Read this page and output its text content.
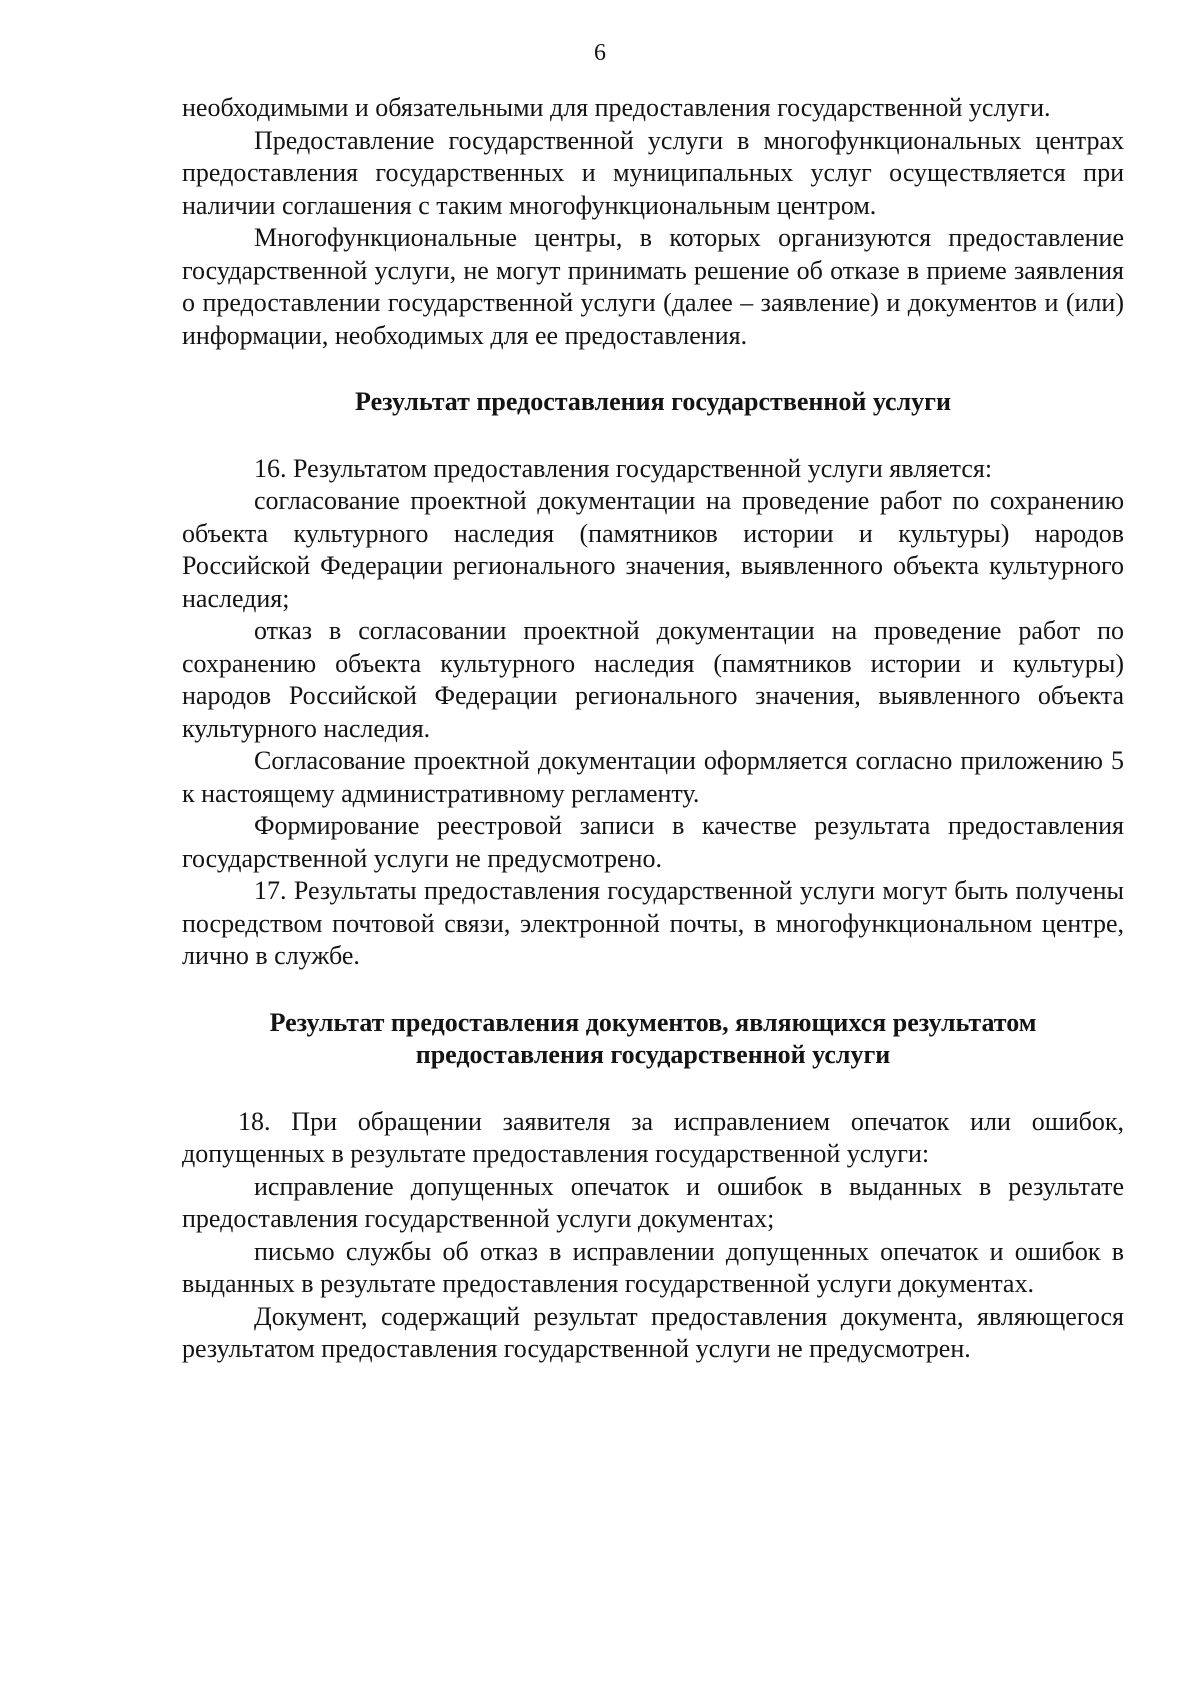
6

необходимыми и обязательными для предоставления государственной услуги.

Предоставление государственной услуги в многофункциональных центрах предоставления государственных и муниципальных услуг осуществляется при наличии соглашения с таким многофункциональным центром.

Многофункциональные центры, в которых организуются предоставление государственной услуги, не могут принимать решение об отказе в приеме заявления о предоставлении государственной услуги (далее – заявление) и документов и (или) информации, необходимых для ее предоставления.

Результат предоставления государственной услуги

16. Результатом предоставления государственной услуги является:

согласование проектной документации на проведение работ по сохранению объекта культурного наследия (памятников истории и культуры) народов Российской Федерации регионального значения, выявленного объекта культурного наследия;

отказ в согласовании проектной документации на проведение работ по сохранению объекта культурного наследия (памятников истории и культуры) народов Российской Федерации регионального значения, выявленного объекта культурного наследия.

Согласование проектной документации оформляется согласно приложению 5 к настоящему административному регламенту.

Формирование реестровой записи в качестве результата предоставления государственной услуги не предусмотрено.

17. Результаты предоставления государственной услуги могут быть получены посредством почтовой связи, электронной почты, в многофункциональном центре, лично в службе.

Результат предоставления документов, являющихся результатом
предоставления государственной услуги

18. При обращении заявителя за исправлением опечаток или ошибок, допущенных в результате предоставления государственной услуги:

исправление допущенных опечаток и ошибок в выданных в результате предоставления государственной услуги документах;

письмо службы об отказ в исправлении допущенных опечаток и ошибок в выданных в результате предоставления государственной услуги документах.

Документ, содержащий результат предоставления документа, являющегося результатом предоставления государственной услуги не предусмотрен.
